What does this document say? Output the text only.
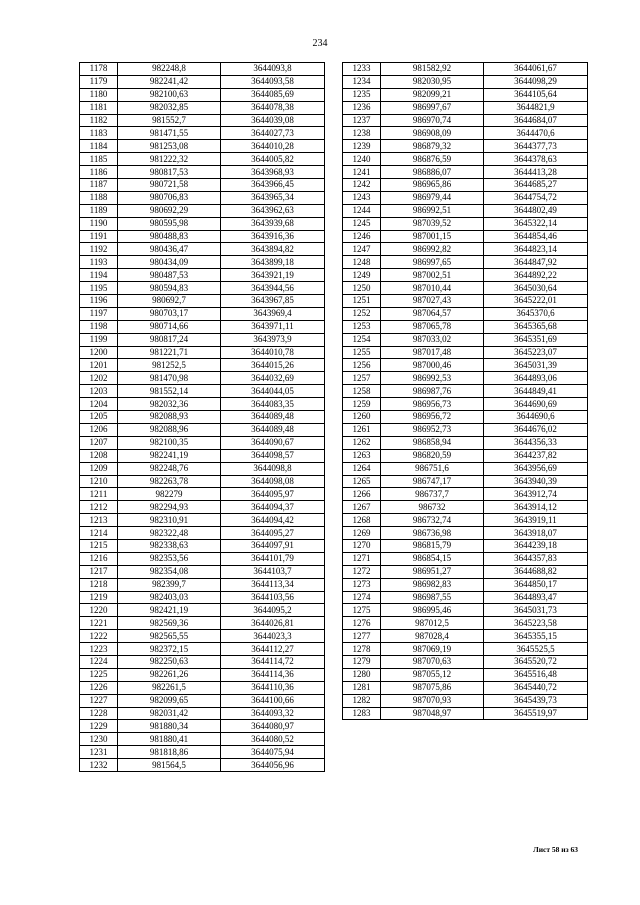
234
1178	982248,8	3644093,8
1179	982241,42	3644093,58
1180	982100,63	3644085,69
1181	982032,85	3644078,38
1182	981552,7	3644039,08
1183	981471,55	3644027,73
1184	981253,08	3644010,28
1185	981222,32	3644005,82
1186	980817,53	3643968,93
1187	980721,58	3643966,45
1188	980706,83	3643965,34
1189	980692,29	3643962,63
1190	980595,98	3643939,68
1191	980488,83	3643916,36
1192	980436,47	3643894,82
1193	980434,09	3643899,18
1194	980487,53	3643921,19
1195	980594,83	3643944,56
1196	980692,7	3643967,85
1197	980703,17	3643969,4
1198	980714,66	3643971,11
1199	980817,24	3643973,9
1200	981221,71	3644010,78
1201	981252,5	3644015,26
1202	981470,98	3644032,69
1203	981552,14	3644044,05
1204	982032,36	3644083,35
1205	982088,93	3644089,48
1206	982088,96	3644089,48
1207	982100,35	3644090,67
1208	982241,19	3644098,57
1209	982248,76	3644098,8
1210	982263,78	3644098,08
1211	982279	3644095,97
1212	982294,93	3644094,37
1213	982310,91	3644094,42
1214	982322,48	3644095,27
1215	982338,63	3644097,91
1216	982353,56	3644101,79
1217	982354,08	3644103,7
1218	982399,7	3644113,34
1219	982403,03	3644103,56
1220	982421,19	3644095,2
1221	982569,36	3644026,81
1222	982565,55	3644023,3
1223	982372,15	3644112,27
1224	982250,63	3644114,72
1225	982261,26	3644114,36
1226	982261,5	3644110,36
1227	982099,65	3644100,66
1228	982031,42	3644093,32
1229	981880,34	3644080,97
1230	981880,41	3644080,52
1231	981818,86	3644075,94
1232	981564,5	3644056,96
1233	981582,92	3644061,67
1234	982030,95	3644098,29
1235	982099,21	3644105,64
1236	986997,67	3644821,9
1237	986970,74	3644684,07
1238	986908,09	3644470,6
1239	986879,32	3644377,73
1240	986876,59	3644378,63
1241	986886,07	3644413,28
1242	986965,86	3644685,27
1243	986979,44	3644754,72
1244	986992,51	3644802,49
1245	987039,52	3645322,14
1246	987001,15	3644854,46
1247	986992,82	3644823,14
1248	986997,65	3644847,92
1249	987002,51	3644892,22
1250	987010,44	3645030,64
1251	987027,43	3645222,01
1252	987064,57	3645370,6
1253	987065,78	3645365,68
1254	987033,02	3645351,69
1255	987017,48	3645223,07
1256	987000,46	3645031,39
1257	986992,53	3644893,06
1258	986987,76	3644849,41
1259	986956,73	3644690,69
1260	986956,72	3644690,6
1261	986952,73	3644676,02
1262	986858,94	3644356,33
1263	986820,59	3644237,82
1264	986751,6	3643956,69
1265	986747,17	3643940,39
1266	986737,7	3643912,74
1267	986732	3643914,12
1268	986732,74	3643919,11
1269	986736,98	3643918,07
1270	986815,79	3644239,18
1271	986854,15	3644357,83
1272	986951,27	3644688,82
1273	986982,83	3644850,17
1274	986987,55	3644893,47
1275	986995,46	3645031,73
1276	987012,5	3645223,58
1277	987028,4	3645355,15
1278	987069,19	3645525,5
1279	987070,63	3645520,72
1280	987055,12	3645516,48
1281	987075,86	3645440,72
1282	987070,93	3645439,73
1283	987048,97	3645519,97
Лист 58 из 63
